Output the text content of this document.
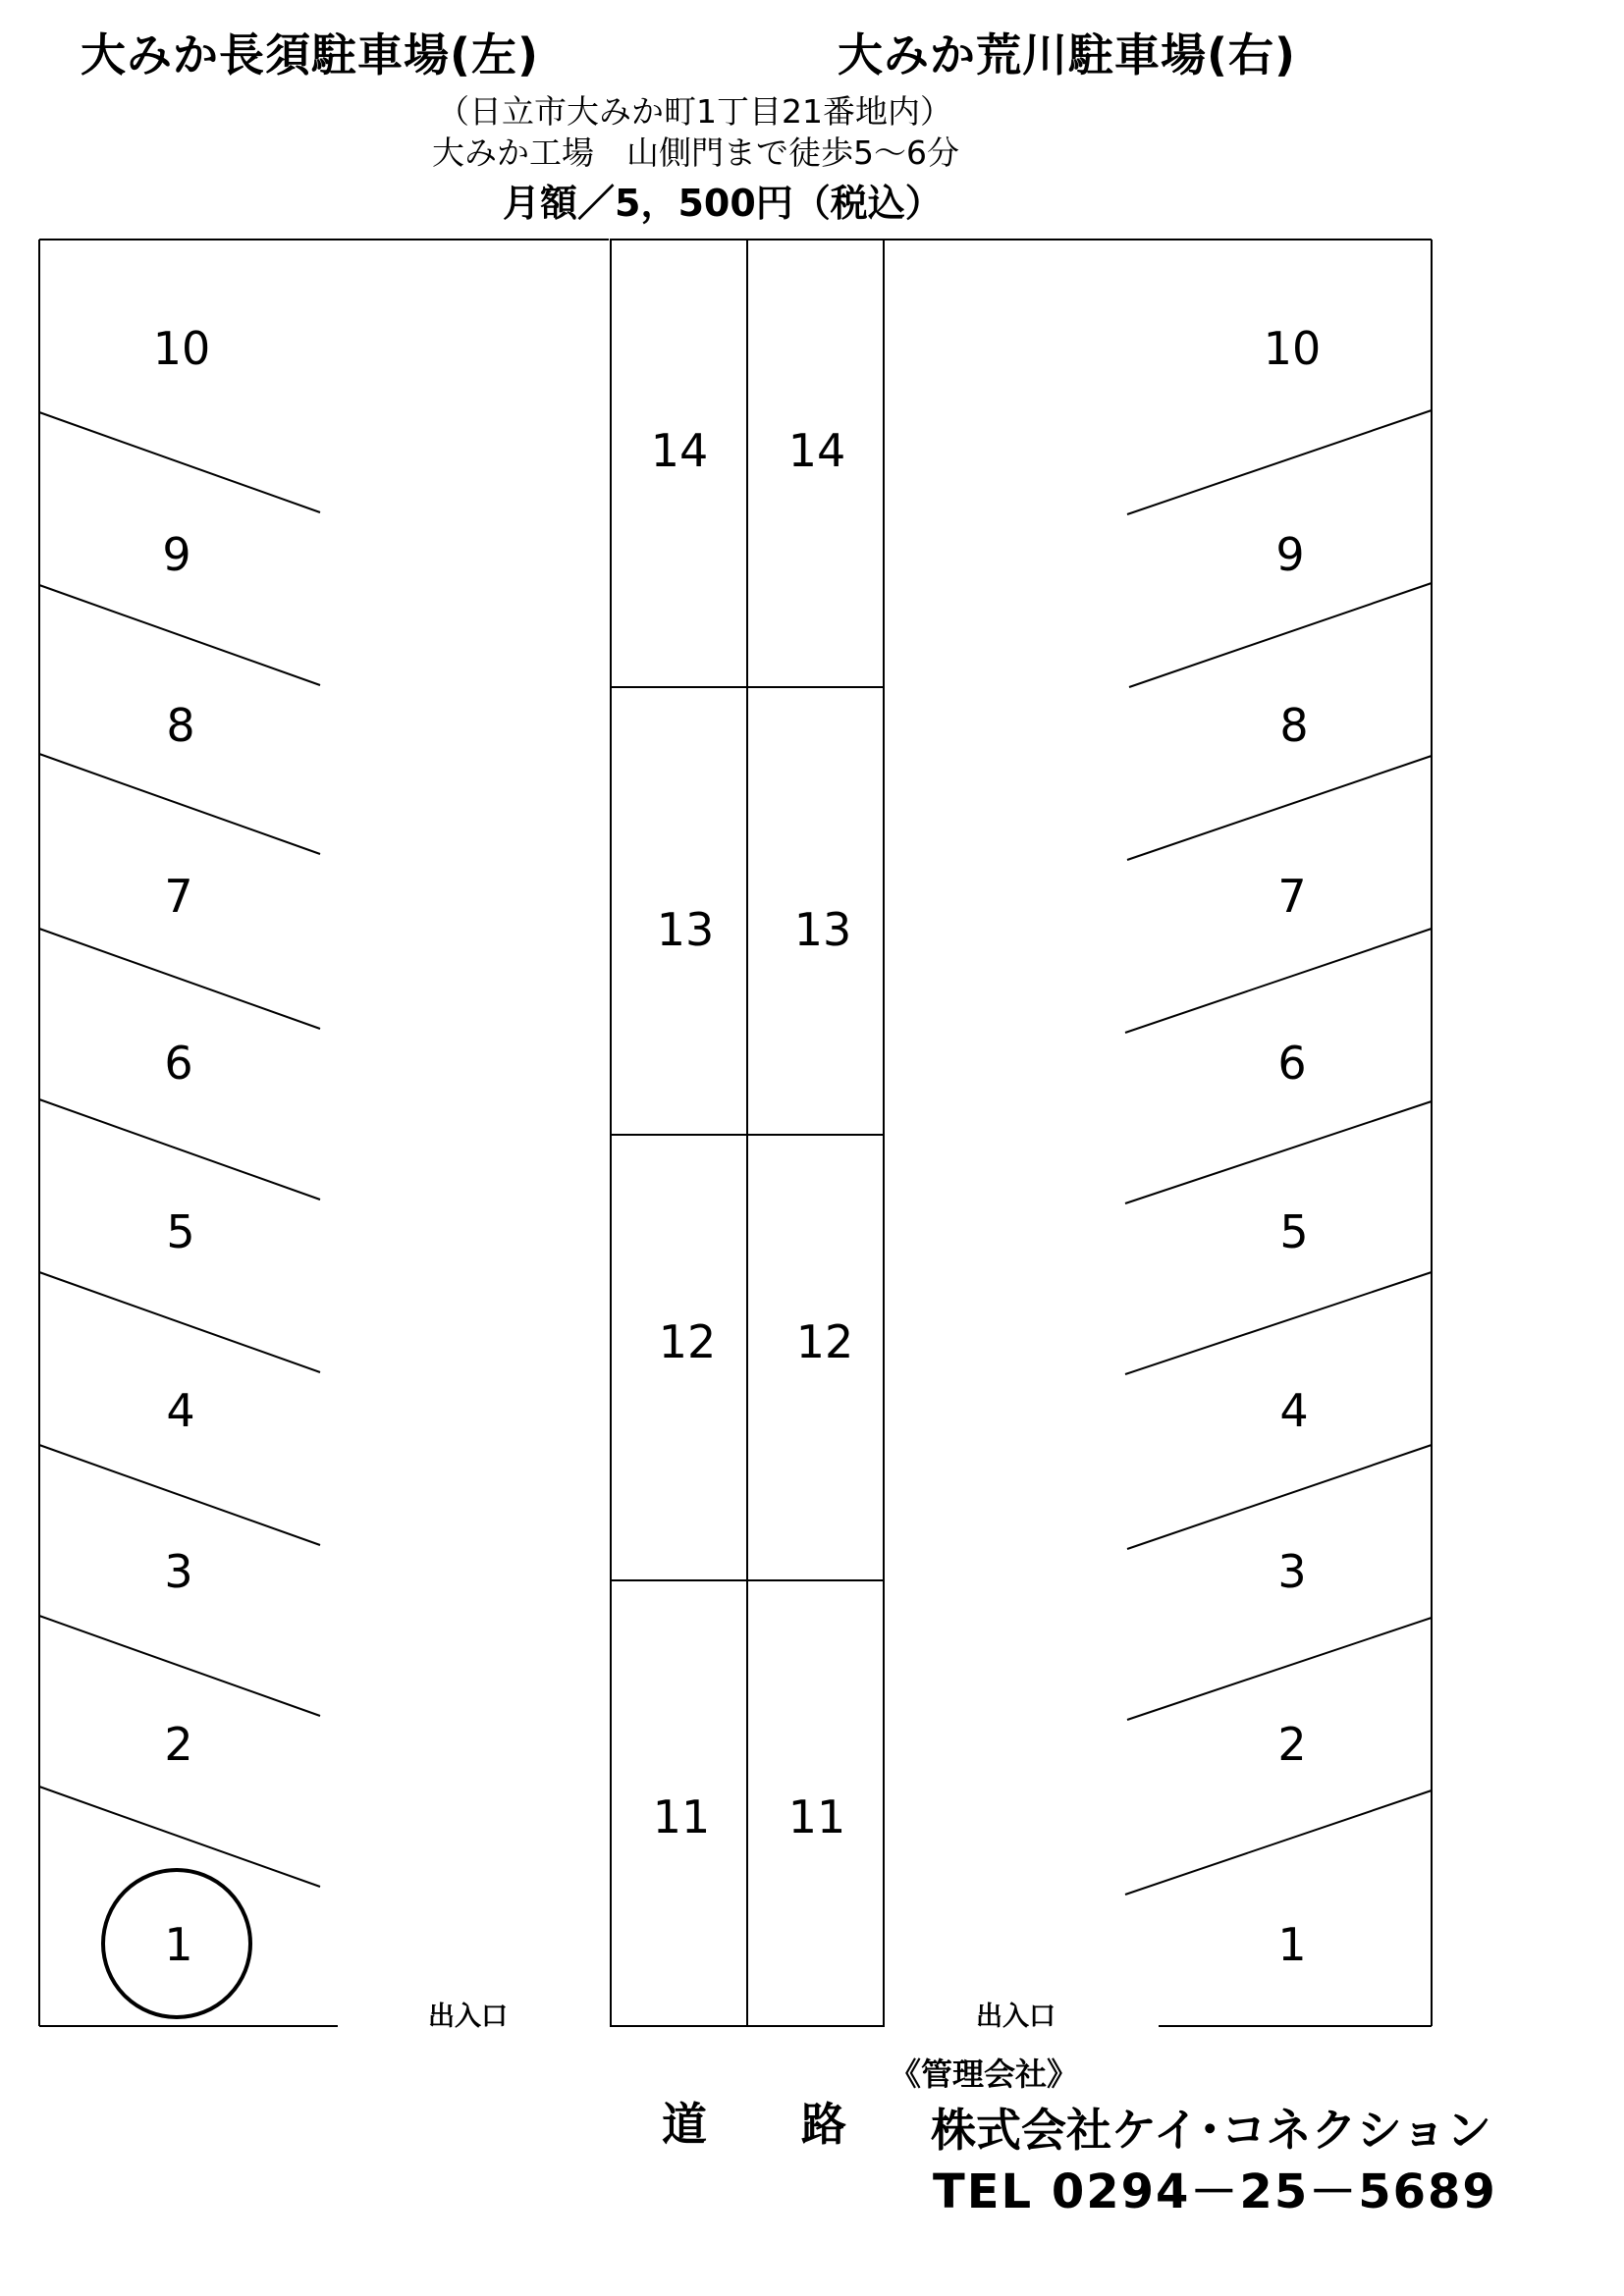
大みか長須駐車場(左)	大みか荒川駐車場(右)
（日立市大みか町1丁目21番地内）
大みか工場　山側門まで徒歩5～6分
月額／5，500円（税込）
10
9
8
7
6
5
4
3
2
1
10
9
8
7
6
5
4
3
2
1
14 14
13 13
12 12
11 11
出入口	出入口
道 路
《管理会社》
株式会社ケイ･コネクション
TEL 0294－25－5689
